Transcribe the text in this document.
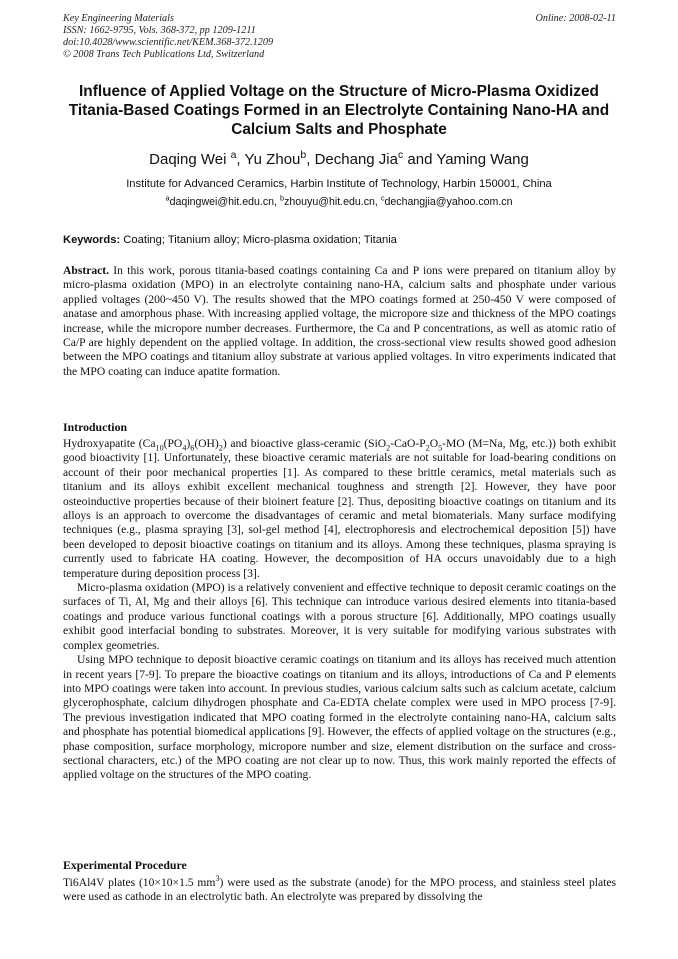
Key Engineering Materials	Online: 2008-02-11
ISSN: 1662-9795, Vols. 368-372, pp 1209-1211
doi:10.4028/www.scientific.net/KEM.368-372.1209
© 2008 Trans Tech Publications Ltd, Switzerland
Influence of Applied Voltage on the Structure of Micro-Plasma Oxidized Titania-Based Coatings Formed in an Electrolyte Containing Nano-HA and Calcium Salts and Phosphate
Daqing Wei $^a$, Yu Zhou$^b$, Dechang Jia$^c$ and Yaming Wang
Institute for Advanced Ceramics, Harbin Institute of Technology, Harbin 150001, China
$^a$daqingwei@hit.edu.cn, $^b$zhouyu@hit.edu.cn, $^c$dechangjia@yahoo.com.cn
Keywords: Coating; Titanium alloy; Micro-plasma oxidation; Titania
Abstract. In this work, porous titania-based coatings containing Ca and P ions were prepared on titanium alloy by micro-plasma oxidation (MPO) in an electrolyte containing nano-HA, calcium salts and phosphate under various applied voltages (200~450 V). The results showed that the MPO coatings formed at 250-450 V were composed of anatase and amorphous phase. With increasing applied voltage, the micropore size and thickness of the MPO coatings increase, while the micropore number decreases. Furthermore, the Ca and P concentrations, as well as atomic ratio of Ca/P are highly dependent on the applied voltage. In addition, the cross-sectional view results showed good adhesion between the MPO coatings and titanium alloy substrate at various applied voltages. In vitro experiments indicated that the MPO coating can induce apatite formation.
Introduction

Hydroxyapatite $(Ca_{10}(PO_4)_6(OH)_2)$ and bioactive glass-ceramic ($SiO_2-CaO-P_2O_5-MO$ (M=Na, Mg, etc.)) both exhibit good bioactivity [1]. Unfortunately, these bioactive ceramic materials are not suitable for load-bearing conditions on account of their poor mechanical properties [1]. As compared to these brittle ceramics, metal materials such as titanium and its alloys exhibit excellent mechanical toughness and strength [2]. However, they have poor osteoinductive properties because of their bioinert feature [2]. Thus, depositing bioactive coatings on titanium and its alloys is an approach to overcome the disadvantages of ceramic and metal biomaterials. Many surface modifying techniques (e.g., plasma spraying [3], sol-gel method [4], electrophoresis and electrochemical deposition [5]) have been developed to deposit bioactive coatings on titanium and its alloys. Among these techniques, plasma spraying is currently used to fabricate HA coating. However, the decomposition of HA occurs unavoidably due to a high temperature during deposition process [3].

Micro-plasma oxidation (MPO) is a relatively convenient and effective technique to deposit ceramic coatings on the surfaces of Ti, Al, Mg and their alloys [6]. This technique can introduce various desired elements into titania-based coatings and produce various functional coatings with a porous structure [6]. Additionally, MPO coatings usually exhibit good interfacial bonding to substrates. Moreover, it is very suitable for modifying various substrates with complex geometries.

Using MPO technique to deposit bioactive ceramic coatings on titanium and its alloys has received much attention in recent years [7-9]. To prepare the bioactive coatings on titanium and its alloys, introductions of Ca and P elements into MPO coatings were taken into account. In previous studies, various calcium salts such as calcium acetate, calcium glycerophosphate, calcium dihydrogen phosphate and Ca-EDTA chelate complex were used in MPO process [7-9]. The previous investigation indicated that MPO coating formed in the electrolyte containing nano-HA, calcium salts and phosphate has potential biomedical applications [9]. However, the effects of applied voltage on the structures (e.g., phase composition, surface morphology, micropore number and size, element distribution on the surface and cross-sectional characters, etc.) of the MPO coating are not clear up to now. Thus, this work mainly reported the effects of applied voltage on the structures of the MPO coating.

Experimental Procedure
Ti6Al4V plates (10×10×1.5 $mm^3$) were used as the substrate (anode) for the MPO process, and stainless steel plates were used as cathode in an electrolytic bath. An electrolyte was prepared by dissolving the
